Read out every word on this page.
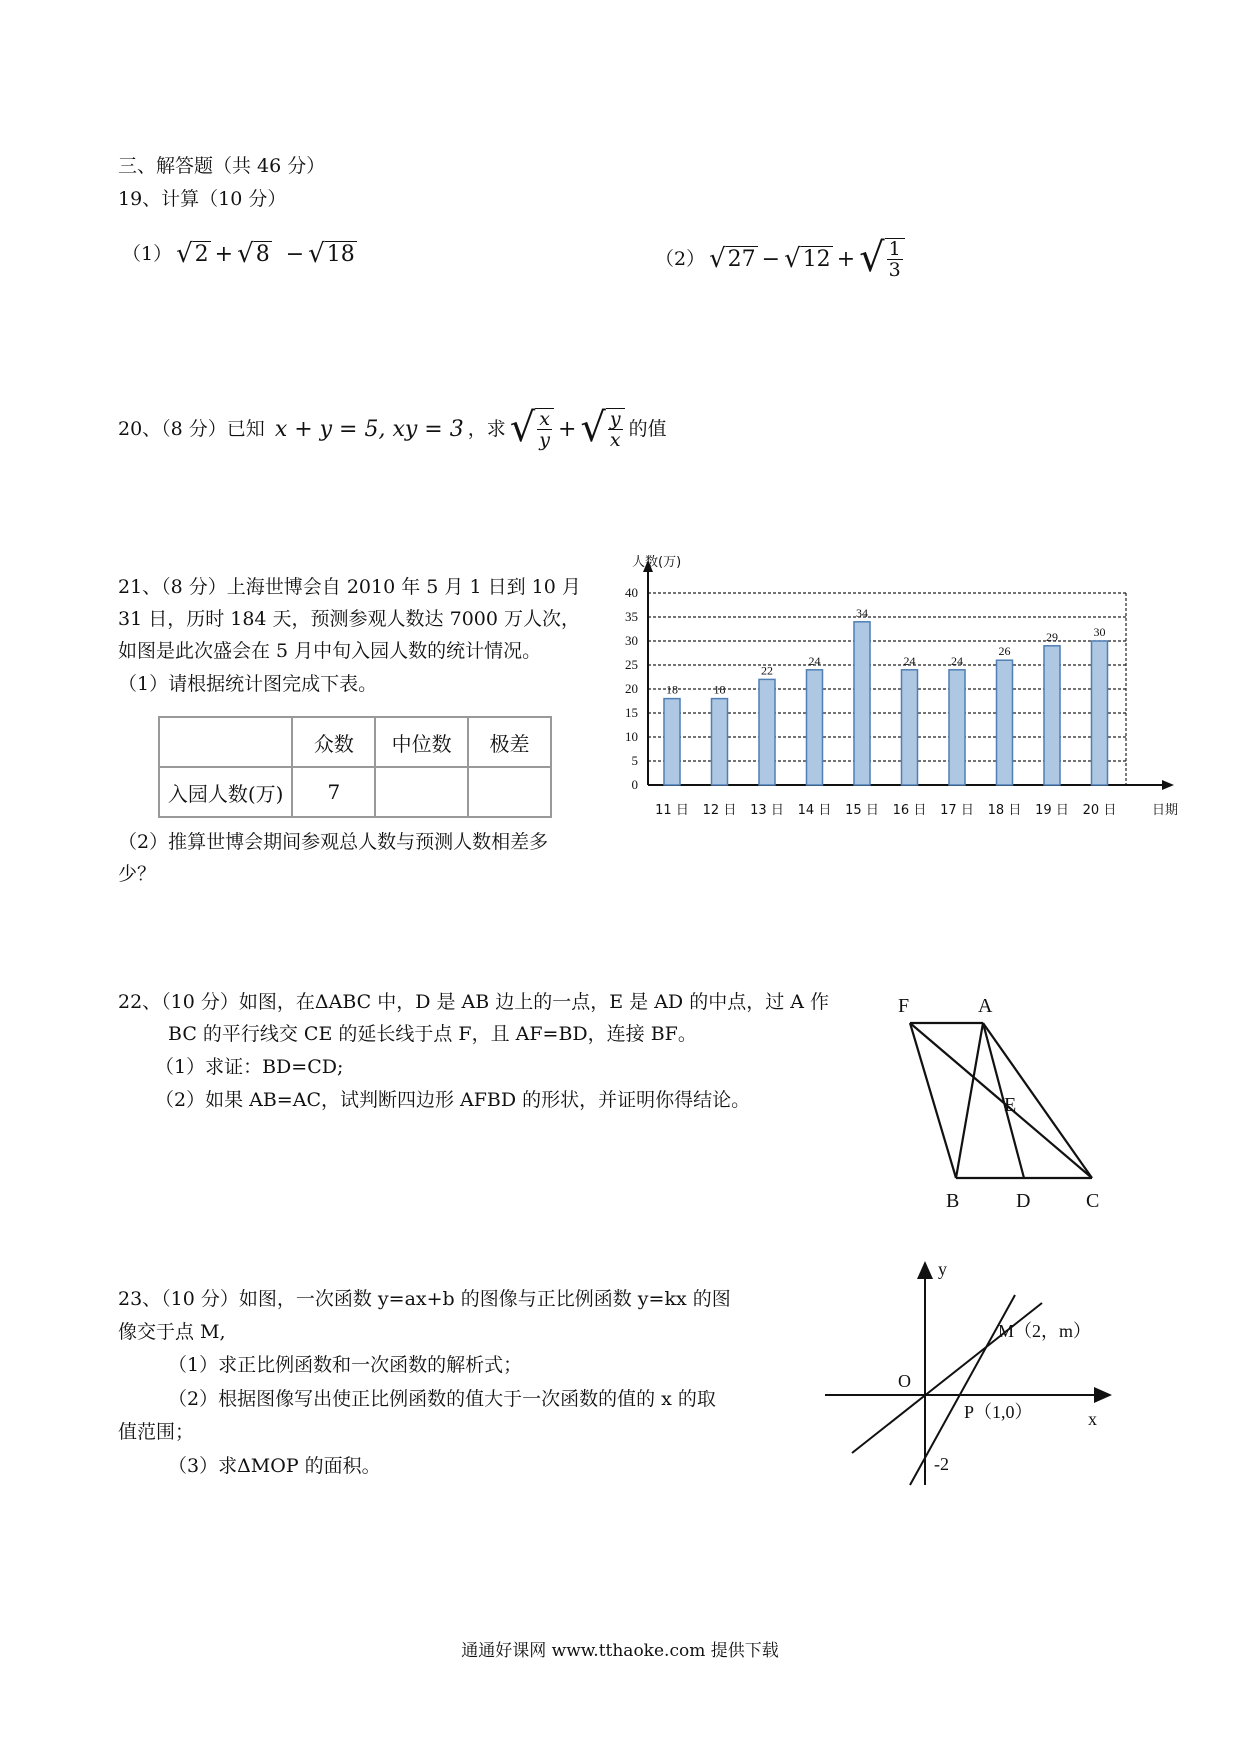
三、解答题（共 46 分）
19、计算（10 分）
（1） √ 2 + √ 8 − √ 18	（2） √ 27 − √ 12 + √ $\frac{1}{3}$
20、（8 分）已知 x + y = 5, xy = 3 ，求 √ $\frac{x}{y}$ + √ $\frac{y}{x}$ 的值
21、（8 分）上海世博会自 2010 年 5 月 1 日到 10 月
31 日，历时 184 天，预测参观人数达 7000 万人次，
如图是此次盛会在 5 月中旬入园人数的统计情况。
（1）请根据统计图完成下表。
	众数	中位数	极差
入园人数(万)	7		
（2）推算世博会期间参观总人数与预测人数相差多
少？
0
5
10
15
20
25
30
35
40
人数(万)
日期
18
11 日
18
12 日
22
13 日
24
14 日
34
15 日
24
16 日
24
17 日
26
18 日
29
19 日
30
20 日
22、（10 分）如图，在ΔABC 中，D 是 AB 边上的一点，E 是 AD 的中点，过 A 作
BC 的平行线交 CE 的延长线于点 F，且 AF=BD，连接 BF。
（1）求证：BD=CD;
（2）如果 AB=AC，试判断四边形 AFBD 的形状，并证明你得结论。
F	A
E
B	D	C
23、（10 分）如图，一次函数 y=ax+b 的图像与正比例函数 y=kx 的图
像交于点 M,
（1）求正比例函数和一次函数的解析式；
（2）根据图像写出使正比例函数的值大于一次函数的值的 x 的取
值范围；
（3）求ΔMOP 的面积。
y
x
O
M（2，m）
P（1,0）
-2
通通好课网 www.tthaoke.com 提供下载
